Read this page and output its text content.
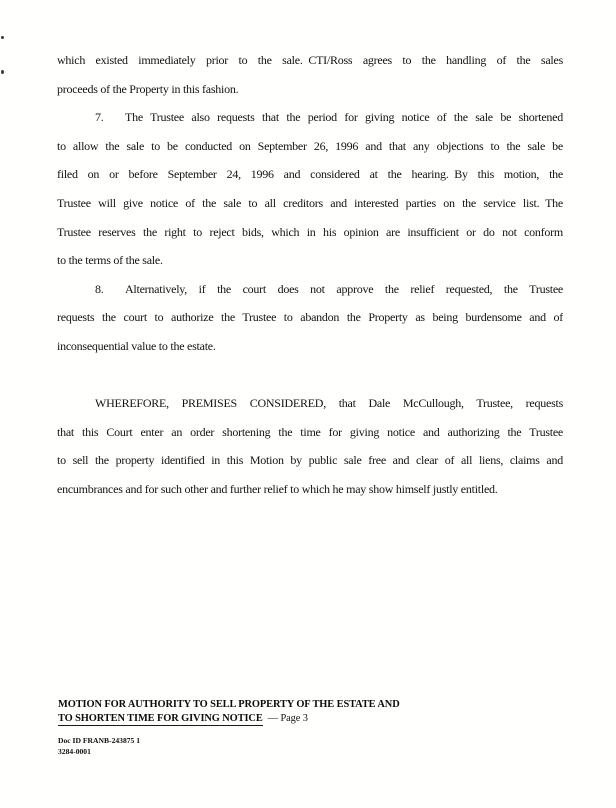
which existed immediately prior to the sale. CTI/Ross agrees to the handling of the sales
proceeds of the Property in this fashion.
7. The Trustee also requests that the period for giving notice of the sale be shortened
to allow the sale to be conducted on September 26, 1996 and that any objections to the sale be
filed on or before September 24, 1996 and considered at the hearing. By this motion, the
Trustee will give notice of the sale to all creditors and interested parties on the service list. The
Trustee reserves the right to reject bids, which in his opinion are insufficient or do not conform
to the terms of the sale.
8. Alternatively, if the court does not approve the relief requested, the Trustee
requests the court to authorize the Trustee to abandon the Property as being burdensome and of
inconsequential value to the estate.
WHEREFORE, PREMISES CONSIDERED, that Dale McCullough, Trustee, requests
that this Court enter an order shortening the time for giving notice and authorizing the Trustee
to sell the property identified in this Motion by public sale free and clear of all liens, claims and
encumbrances and for such other and further relief to which he may show himself justly entitled.
MOTION FOR AUTHORITY TO SELL PROPERTY OF THE ESTATE AND
TO SHORTEN TIME FOR GIVING NOTICE — Page 3
Doc ID FRANB-243875 1
3284-0001
